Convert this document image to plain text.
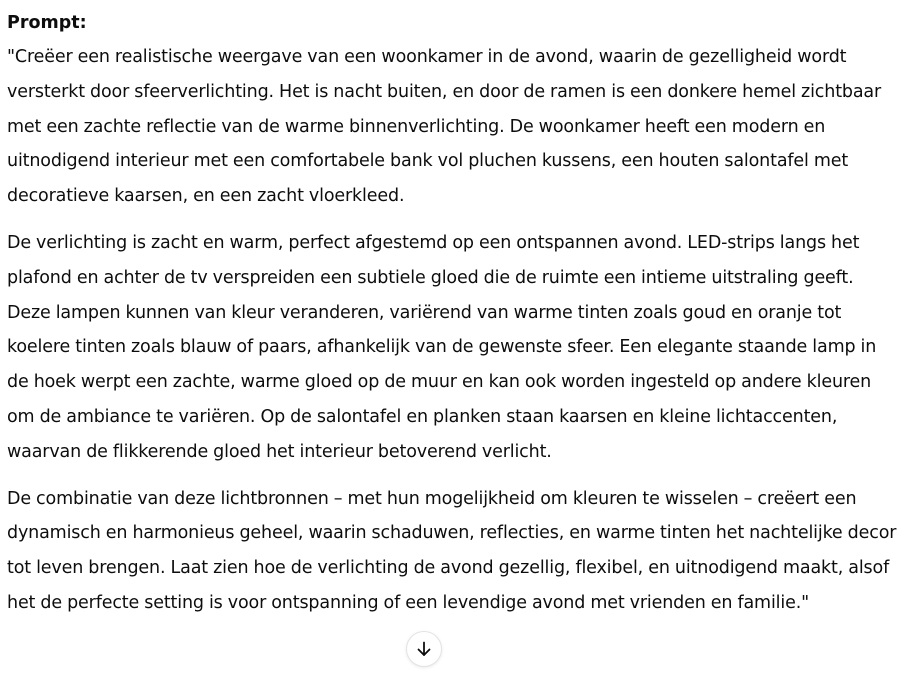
Prompt:

"Creëer een realistische weergave van een woonkamer in de avond, waarin de gezelligheid wordt versterkt door sfeerverlichting. Het is nacht buiten, en door de ramen is een donkere hemel zichtbaar met een zachte reflectie van de warme binnenverlichting. De woonkamer heeft een modern en uitnodigend interieur met een comfortabele bank vol pluchen kussens, een houten salontafel met decoratieve kaarsen, en een zacht vloerkleed.

De verlichting is zacht en warm, perfect afgestemd op een ontspannen avond. LED-strips langs het plafond en achter de tv verspreiden een subtiele gloed die de ruimte een intieme uitstraling geeft. Deze lampen kunnen van kleur veranderen, variërend van warme tinten zoals goud en oranje tot koelere tinten zoals blauw of paars, afhankelijk van de gewenste sfeer. Een elegante staande lamp in de hoek werpt een zachte, warme gloed op de muur en kan ook worden ingesteld op andere kleuren om de ambiance te variëren. Op de salontafel en planken staan kaarsen en kleine lichtaccenten, waarvan de flikkerende gloed het interieur betoverend verlicht.

De combinatie van deze lichtbronnen – met hun mogelijkheid om kleuren te wisselen – creëert een dynamisch en harmonieus geheel, waarin schaduwen, reflecties, en warme tinten het nachtelijke decor tot leven brengen. Laat zien hoe de verlichting de avond gezellig, flexibel, en uitnodigend maakt, alsof het de perfecte setting is voor ontspanning of een levendige avond met vrienden en familie."
